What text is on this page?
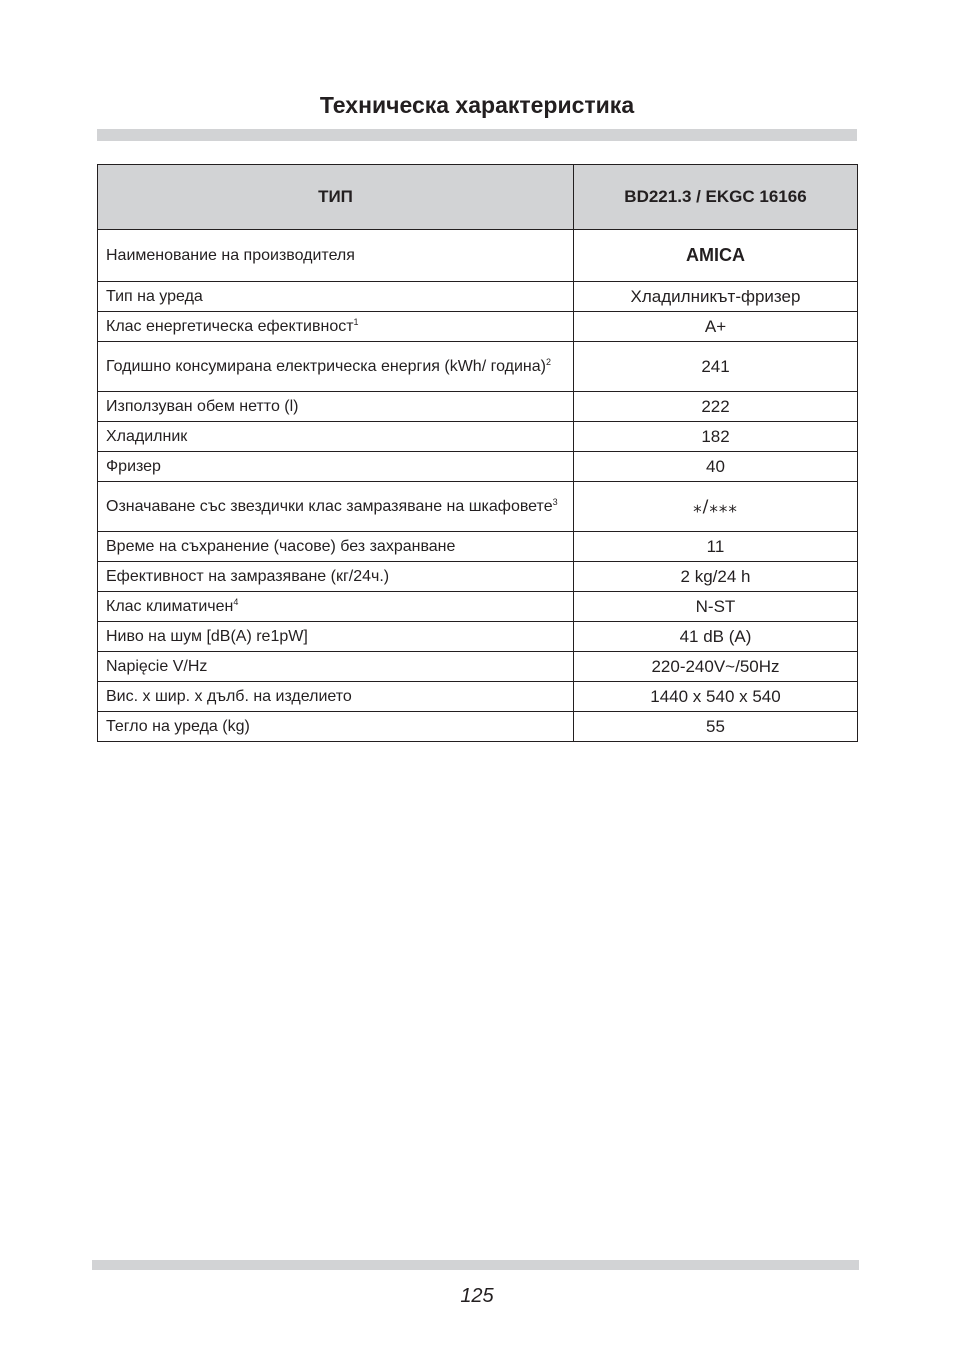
Техническа характеристика
ТИП	BD221.3 / EKGC 16166
Наименование на производителя	AMICA
Тип на уреда	Хладилникът-фризер
Клас енергетическа ефективност$^1$	A+
Годишно консумирана електрическа енергия (kWh/ година)$^2$	241
Използуван обем нетто (l)	222
Хладилник	182
Фризер	40
Означаване със звездички клас замразяване на шкафовете$^3$	⁎/⁎⁎⁎
Време на съхранение (часове) без захранване	11
Ефективност на замразяване (кг/24ч.)	2 kg/24 h
Клас климатичен$^4$	N-ST
Ниво на шум [dB(A) re1pW]	41 dB (A)
Napięcie V/Hz	220-240V~/50Hz
Вис. x шир. x дълб. на изделието	1440 x 540 x 540
Тегло на уреда (kg)	55
125
